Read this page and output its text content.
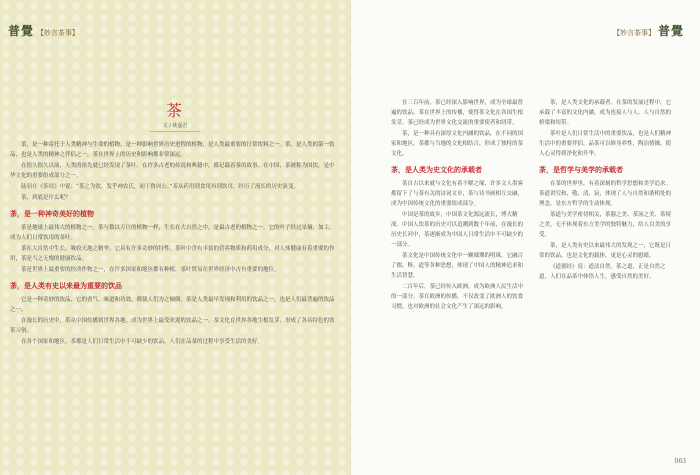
普覺 【妙言茶事】
茶
文 / 姚遂君

茶，是一种寄托于人类精神与生命的植物。是一种影响世界历史进程的植物，是人类最重要的日常饮料之一。茶，是人类的第一饮品，也是人类的精神之伴侣之一，茶在世界上的历史和影响都非常深远。

在很久很久以前，人类的祖先就已经发现了茶叶。在许多古老的传说和典籍中，都记载着茶的故事。在中国，茶被称为国饮，是中华文化的重要组成部分之一。

陆羽在《茶经》中说：“茶之为饮，发乎神农氏，闻于鲁周公。”茶从药用到食用再到饮用，经历了漫长的历史演变。

茶，到底是什么呢？

茶，是一种神奇美好的植物

茶是地球上最伟大的植物之一。茶与数以万计的植物一样，生长在大自然之中，是最古老的植物之一。它的叶子经过采摘、加工，成为人们日常饮用的茶叶。

茶在大自然中生长，吸收天地之精华，它具有许多奇妙的特性。茶叶中含有丰富的营养物质和药用成分，对人体健康有着重要的作用，茶是当之无愧的健康饮品。

茶是世界上最重要的经济作物之一，在许多国家和地区都有种植，茶叶贸易在世界经济中占有重要的地位。

茶，是人类有史以来最为重要的饮品

它是一种奇妙的饮品，它的香气、味道和功效，都使人们为之倾倒。茶是人类最早发现和利用的饮品之一，也是人们最普遍的饮品之一。

在漫长的历史中，茶从中国传播到世界各地，成为世界上最受欢迎的饮品之一。茶文化在世界各地生根发芽，形成了各具特色的饮茶习俗。

在各个国家和地区，茶都是人们日常生活中不可缺少的饮品，人们在品茶的过程中享受生活的美好。

【妙言茶事】 普覺

在三百年前，茶已经深入影响世界，成为全球最普遍的饮品。茶在世界上的传播，使得茶文化在各国生根发芽，茶已经成为世界文化交流的重要使者和纽带。

茶，是一种具有深厚文化内涵的饮品，在不同的国家和地区，茶都与当地的文化相结合，形成了独特的茶文化。

茶，是人类为史文化的承载者

茶自古以来就与文化有着不解之缘，许多文人墨客都留下了与茶有关的诗词文章，茶与诗书画相互交融，成为中国传统文化的重要组成部分。

中国是茶的故乡，中国茶文化源远流长，博大精深。中国人饮茶的历史可以追溯到数千年前，在漫长的历史长河中，茶逐渐成为中国人日常生活中不可缺少的一部分。

茶文化是中国传统文化中一颗璀璨的明珠，它融合了儒、释、道等各种思想，体现了中国人的精神追求和生活智慧。

二百年后，茶已经传入欧洲，成为欧洲人民生活中的一部分。茶在欧洲的传播，不仅改变了欧洲人的饮食习惯，也对欧洲的社会文化产生了深远的影响。

茶，是人类文化的承载者。在茶的发展过程中，它承载了丰富的文化内涵，成为连接人与人、人与自然的桥梁和纽带。

茶叶是人们日常生活中的重要饮品，也是人们精神生活中的重要伴侣。品茶可以修身养性，陶冶情操，使人心灵得到净化和升华。

茶，是哲学与美学的承载者

在茶的世界里，有着深刻的哲学思想和美学追求。茶道讲究和、敬、清、寂，体现了人与自然和谐相处的理念，是东方哲学的生动体现。

茶道与美学密切相关，茶器之美、茶汤之美、茶境之美，无不体现着东方美学的独特魅力，给人以美的享受。

茶，是人类有史以来最伟大的发现之一，它既是日常的饮品，也是文化的载体，更是心灵的慰藉。

《道德经》说：道法自然。茶之道，正是自然之道，人们在品茶中体悟人生，感受自然的美好。

063
